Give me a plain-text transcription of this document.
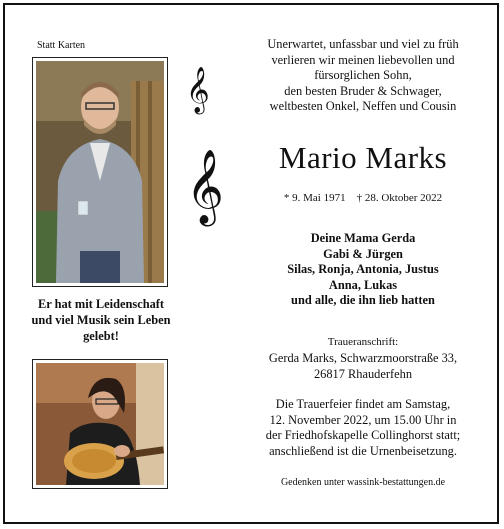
Statt Karten
𝄞
𝄞
Unerwartet, unfassbar und viel zu früh
verlieren wir meinen liebevollen und
fürsorglichen Sohn,
den besten Bruder & Schwager,
weltbesten Onkel, Neffen und Cousin
Mario Marks
* 9. Mai 1971    † 28. Oktober 2022
Deine Mama Gerda
Gabi & Jürgen
Silas, Ronja, Antonia, Justus
Anna, Lukas
und alle, die ihn lieb hatten
Er hat mit Leidenschaft
und viel Musik sein Leben
gelebt!	Traueranschrift:
Gerda Marks, Schwarzmoorstraße 33,
26817 Rhauderfehn
Die Trauerfeier findet am Samstag,
12. November 2022, um 15.00 Uhr in
der Friedhofskapelle Collinghorst statt;
anschließend ist die Urnenbeisetzung.
Gedenken unter wassink-bestattungen.de
